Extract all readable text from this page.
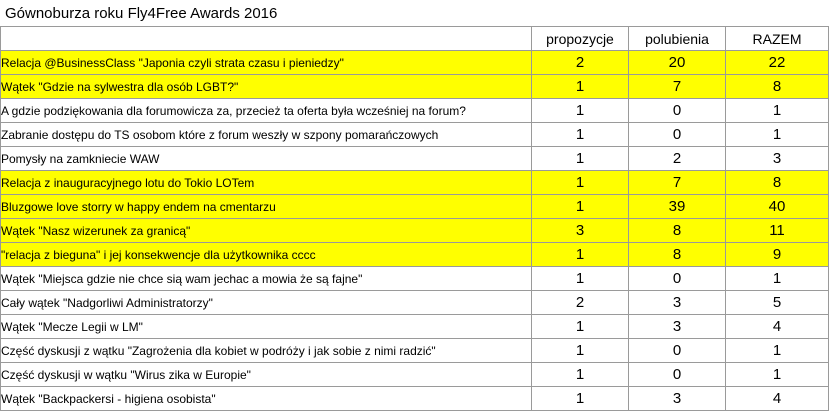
Gównoburza roku Fly4Free Awards 2016
	propozycje	polubienia	RAZEM
Relacja @BusinessClass "Japonia czyli strata czasu i pieniedzy"	2	20	22
Wątek "Gdzie na sylwestra dla osób LGBT?"	1	7	8
A gdzie podziękowania dla forumowicza za, przecież ta oferta była wcześniej na forum?	1	0	1
Zabranie dostępu do TS osobom które z forum weszły w szpony pomarańczowych	1	0	1
Pomysły na zamkniecie WAW	1	2	3
Relacja z inauguracyjnego lotu do Tokio LOTem	1	7	8
Bluzgowe love storry w happy endem na cmentarzu	1	39	40
Wątek "Nasz wizerunek za granicą"	3	8	11
"relacja z bieguna" i jej konsekwencje dla użytkownika cccc	1	8	9
Wątek "Miejsca gdzie nie chce sią wam jechac a mowia że są fajne"	1	0	1
Cały wątek "Nadgorliwi Administratorzy"	2	3	5
Wątek "Mecze Legii w LM"	1	3	4
Część dyskusji z wątku "Zagrożenia dla kobiet w podróży i jak sobie z nimi radzić"	1	0	1
Część dyskusji w wątku "Wirus zika w Europie"	1	0	1
Wątek "Backpackersi - higiena osobista"	1	3	4
